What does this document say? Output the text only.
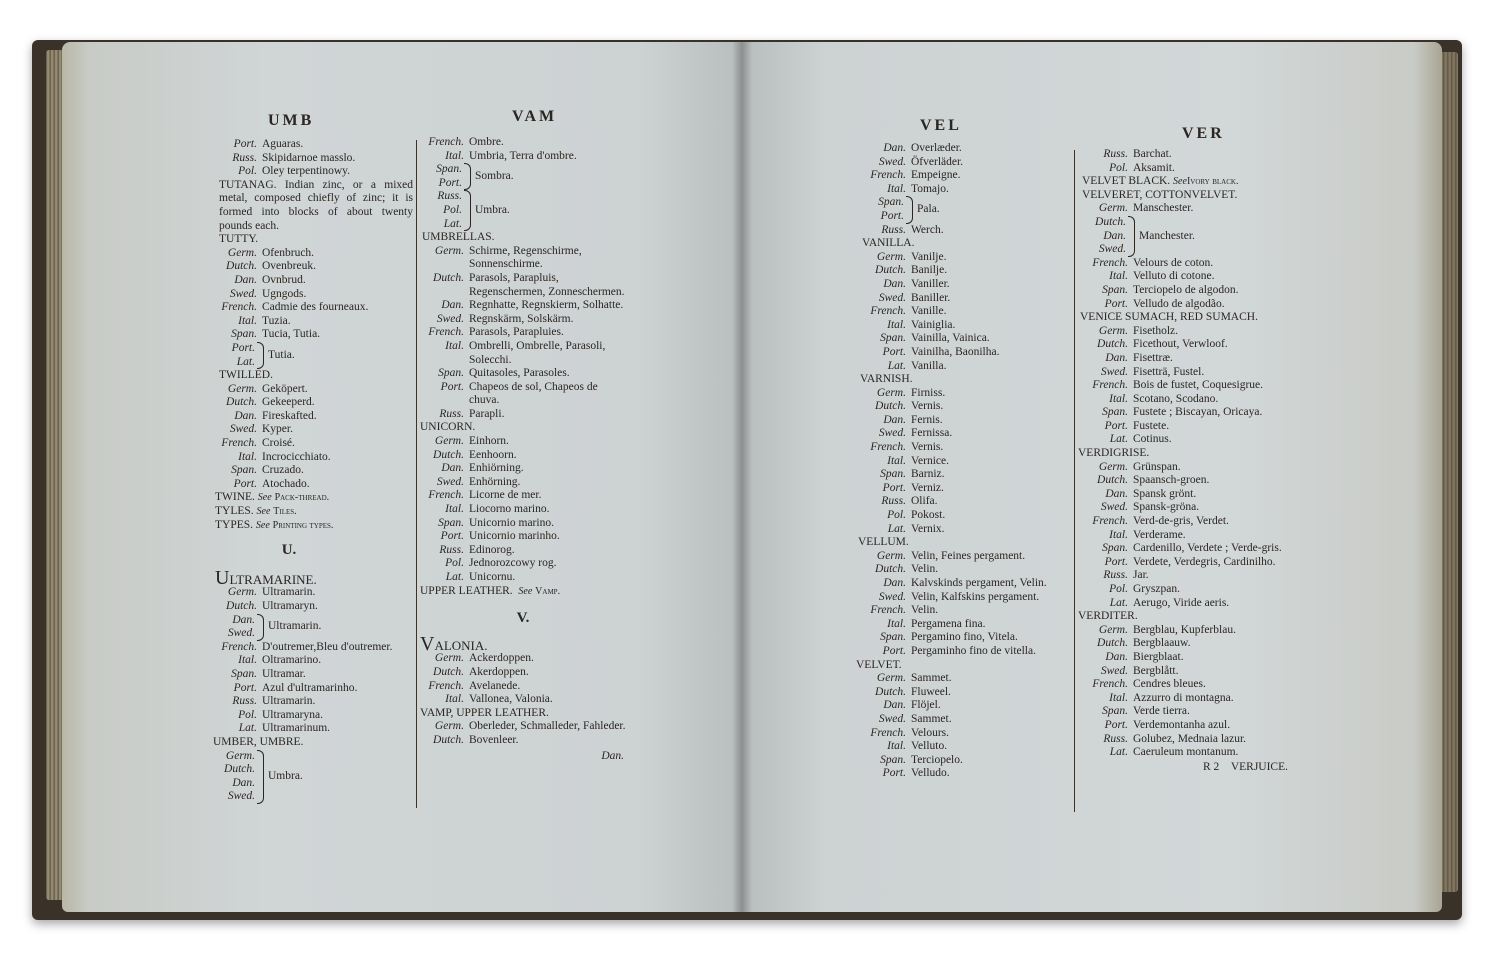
UMB	VAM
VEL	VER
Port. Aguaras.
Russ. Skipidarnoe masslo.
Pol. Oley terpentinowy.
TUTANAG. Indian zinc, or a mixed metal, composed chiefly of zinc; it is formed into blocks of about twenty pounds each.
TUTTY.
Germ. Ofenbruch.
Dutch. Ovenbreuk.
Dan. Ovnbrud.
Swed. Ugngods.
French. Cadmie des fourneaux.
Ital. Tuzia.
Span. Tucia, Tutia.
Port.
Lat.
Tutia.
TWILLED.
Germ. Geköpert.
Dutch. Gekeeperd.
Dan. Fireskafted.
Swed. Kyper.
French. Croisé.
Ital. Incrocicchiato.
Span. Cruzado.
Port. Atochado.
TWINE. See Pack-thread.
TYLES. See Tiles.
TYPES. See Printing types.
U.
ULTRAMARINE.
Germ. Ultramarin.
Dutch. Ultramaryn.
Dan.
Swed.
Ultramarin.
French. D'outremer,Bleu d'outremer.
Ital. Oltramarino.
Span. Ultramar.
Port. Azul d'ultramarinho.
Russ. Ultramarin.
Pol. Ultramaryna.
Lat. Ultramarinum.
UMBER, UMBRE.
Germ.
Dutch.
Dan.
Swed.
Umbra.
French. Ombre.
Ital. Umbria, Terra d'ombre.
Span.
Port.
Sombra.
Russ.
Pol.
Lat.
Umbra.
UMBRELLAS.
Germ. Schirme, Regenschirme, Sonnenschirme.
Dutch. Parasols, Parapluis, Regenschermen, Zonneschermen.
Dan. Regnhatte, Regnskierm, Solhatte.
Swed. Regnskärm, Solskärm.
French. Parasols, Parapluies.
Ital. Ombrelli, Ombrelle, Parasoli, Solecchi.
Span. Quitasoles, Parasoles.
Port. Chapeos de sol, Chapeos de chuva.
Russ. Parapli.
UNICORN.
Germ. Einhorn.
Dutch. Eenhoorn.
Dan. Enhiörning.
Swed. Enhörning.
French. Licorne de mer.
Ital. Liocorno marino.
Span. Unicornio marino.
Port. Unicornio marinho.
Russ. Edinorog.
Pol. Jednorozcowy rog.
Lat. Unicornu.
UPPER LEATHER. See Vamp.
V.
VALONIA.
Germ. Ackerdoppen.
Dutch. Akerdoppen.
French. Avelanede.
Ital. Vallonea, Valonia.
VAMP, UPPER LEATHER.
Germ. Oberleder, Schmalleder, Fahleder.
Dutch. Bovenleer.
Dan.
Dan. Overlæder.
Swed. Öfverläder.
French. Empeigne.
Ital. Tomajo.
Span.
Port.
Pala.
Russ. Werch.
VANILLA.
Germ. Vanilje.
Dutch. Banilje.
Dan. Vaniller.
Swed. Baniller.
French. Vanille.
Ital. Vainiglia.
Span. Vainilla, Vainica.
Port. Vainilha, Baonilha.
Lat. Vanilla.
VARNISH.
Germ. Firniss.
Dutch. Vernis.
Dan. Fernis.
Swed. Fernissa.
French. Vernis.
Ital. Vernice.
Span. Barniz.
Port. Verniz.
Russ. Olifa.
Pol. Pokost.
Lat. Vernix.
VELLUM.
Germ. Velin, Feines pergament.
Dutch. Velin.
Dan. Kalvskinds pergament, Velin.
Swed. Velin, Kalfskins pergament.
French. Velin.
Ital. Pergamena fina.
Span. Pergamino fino, Vitela.
Port. Pergaminho fino de vitella.
VELVET.
Germ. Sammet.
Dutch. Fluweel.
Dan. Flöjel.
Swed. Sammet.
French. Velours.
Ital. Velluto.
Span. Terciopelo.
Port. Velludo.
Russ. Barchat.
Pol. Aksamit.
VELVET BLACK. SeeIvory black.
VELVERET, COTTONVELVET.
Germ. Manschester.
Dutch.
Dan.
Swed.
Manchester.
French. Velours de coton.
Ital. Velluto di cotone.
Span. Terciopelo de algodon.
Port. Velludo de algodão.
VENICE SUMACH, RED SUMACH.
Germ. Fisetholz.
Dutch. Ficethout, Verwloof.
Dan. Fisettræ.
Swed. Fisetträ, Fustel.
French. Bois de fustet, Coquesigrue.
Ital. Scotano, Scodano.
Span. Fustete ; Biscayan, Oricaya.
Port. Fustete.
Lat. Cotinus.
VERDIGRISE.
Germ. Grünspan.
Dutch. Spaansch-groen.
Dan. Spansk grönt.
Swed. Spansk-gröna.
French. Verd-de-gris, Verdet.
Ital. Verderame.
Span. Cardenillo, Verdete ; Verde-gris.
Port. Verdete, Verdegris, Cardinilho.
Russ. Jar.
Pol. Gryszpan.
Lat. Aerugo, Viride aeris.
VERDITER.
Germ. Bergblau, Kupferblau.
Dutch. Bergblaauw.
Dan. Biergblaat.
Swed. Bergblått.
French. Cendres bleues.
Ital. Azzurro di montagna.
Span. Verde tierra.
Port. Verdemontanha azul.
Russ. Golubez, Mednaia lazur.
Lat. Caeruleum montanum.
R 2 VERJUICE.
